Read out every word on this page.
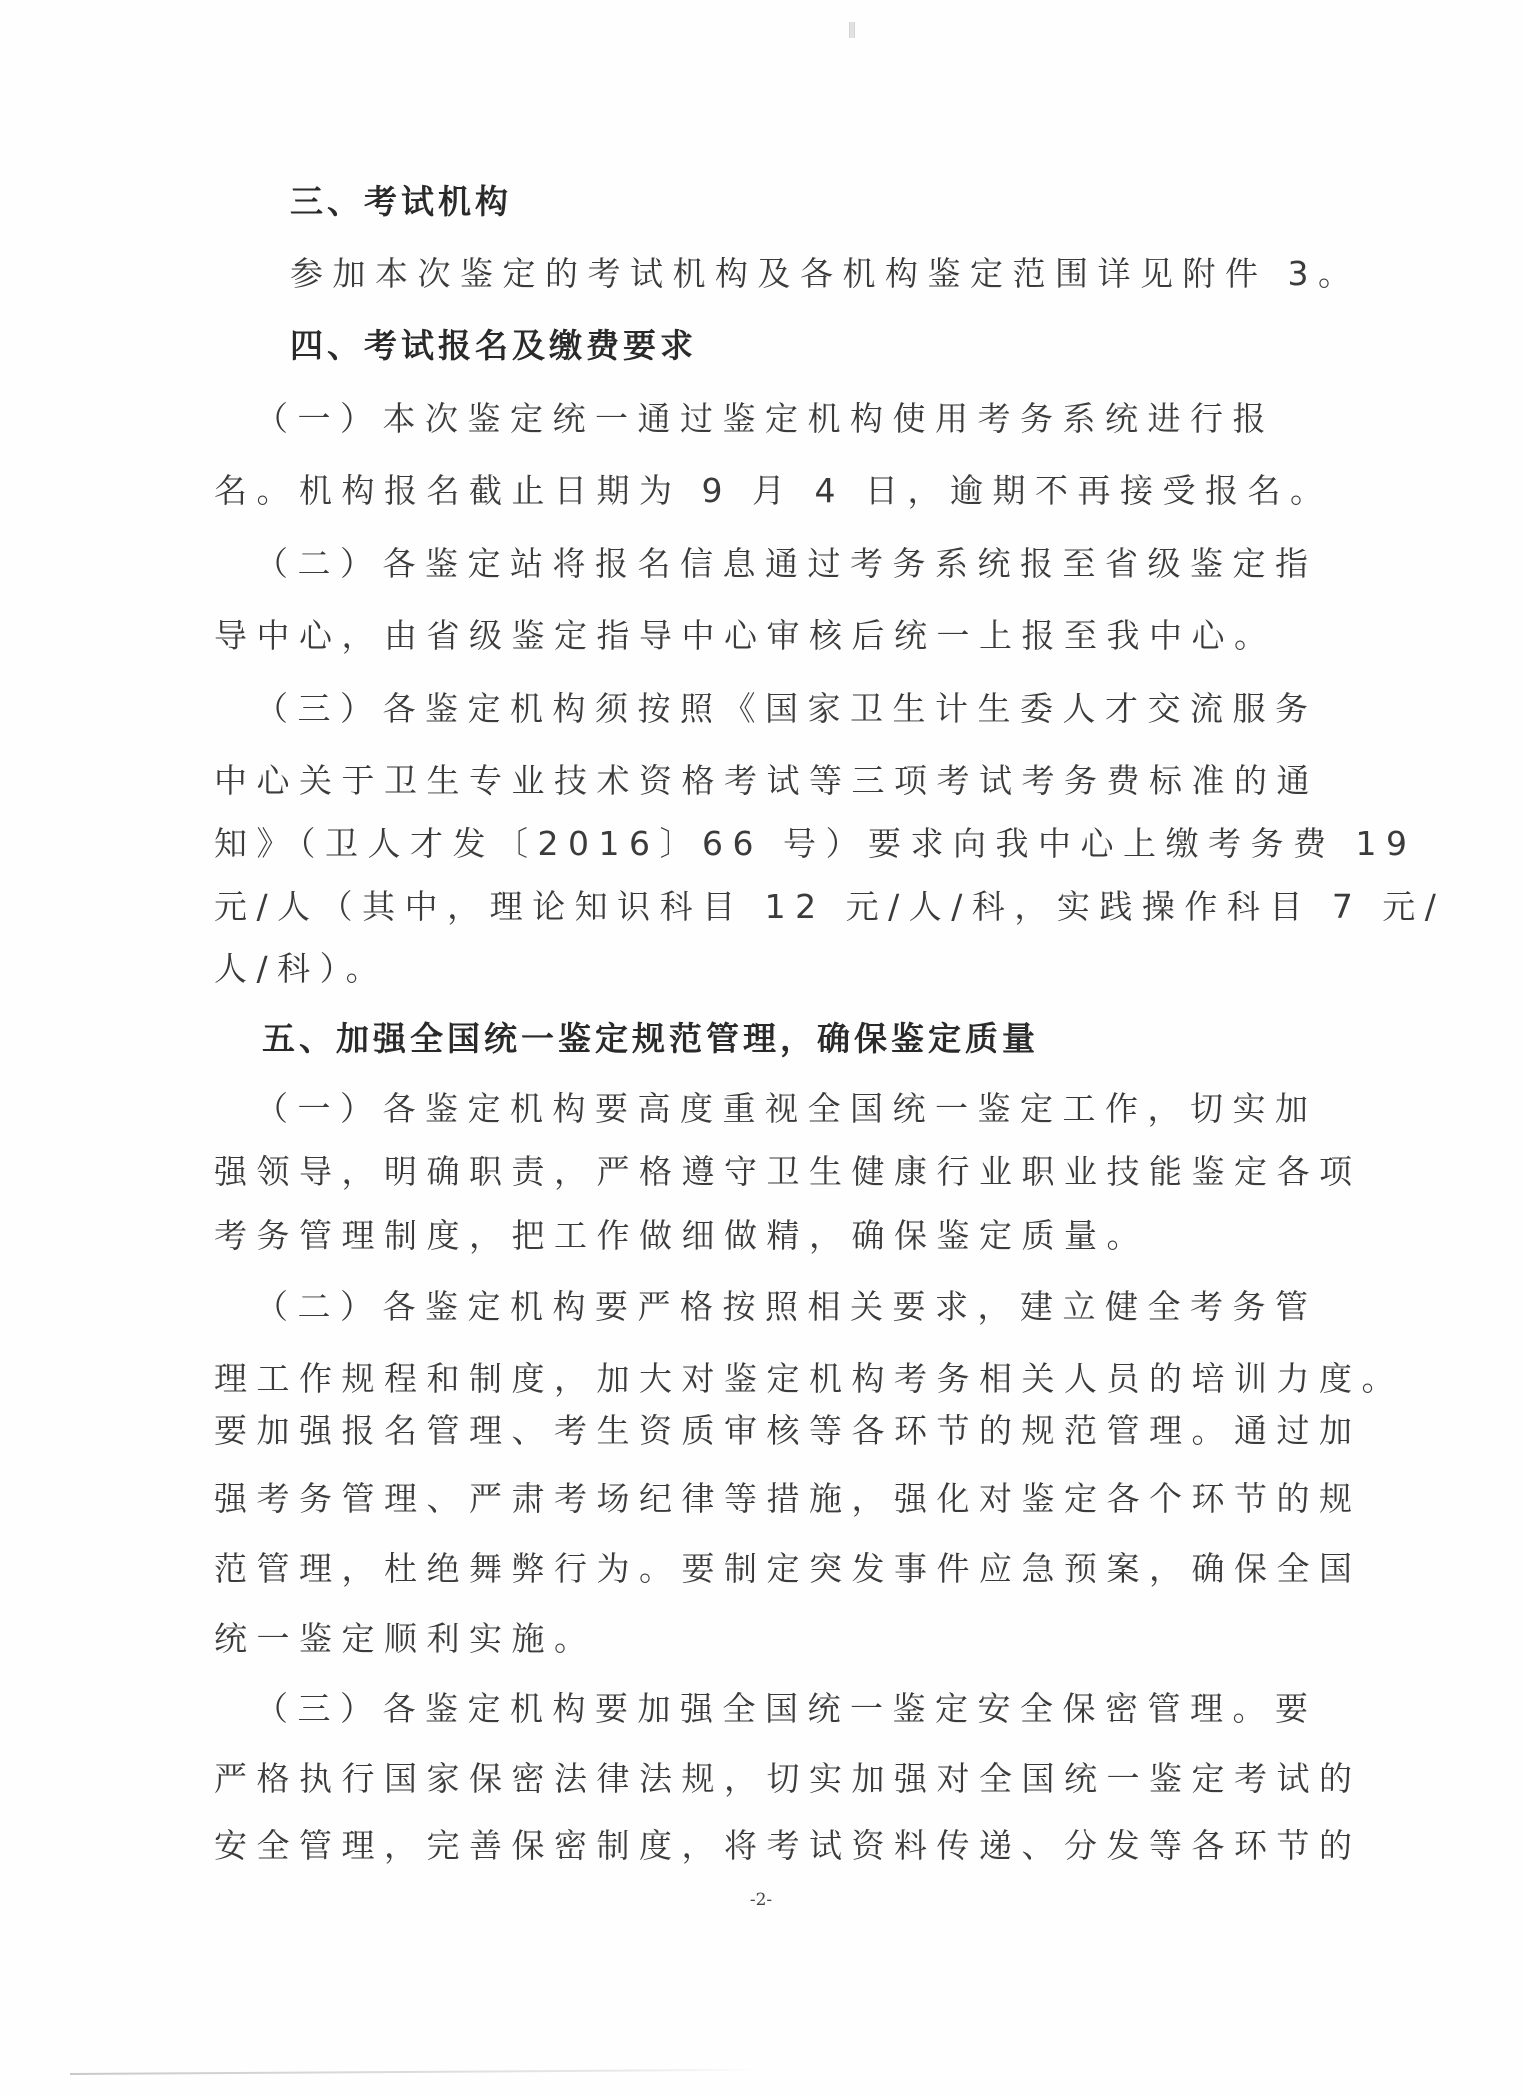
三、考试机构
参加本次鉴定的考试机构及各机构鉴定范围详见附件 3。
四、考试报名及缴费要求
（一）本次鉴定统一通过鉴定机构使用考务系统进行报
名。机构报名截止日期为 9 月 4 日，逾期不再接受报名。
（二）各鉴定站将报名信息通过考务系统报至省级鉴定指
导中心，由省级鉴定指导中心审核后统一上报至我中心。
（三）各鉴定机构须按照《国家卫生计生委人才交流服务
中心关于卫生专业技术资格考试等三项考试考务费标准的通
知》（卫人才发〔2016〕66 号）要求向我中心上缴考务费 19
元/人（其中，理论知识科目 12 元/人/科，实践操作科目 7 元/
人/科）。
五、加强全国统一鉴定规范管理，确保鉴定质量
（一）各鉴定机构要高度重视全国统一鉴定工作，切实加
强领导，明确职责，严格遵守卫生健康行业职业技能鉴定各项
考务管理制度，把工作做细做精，确保鉴定质量。
（二）各鉴定机构要严格按照相关要求，建立健全考务管
理工作规程和制度，加大对鉴定机构考务相关人员的培训力度。
要加强报名管理、考生资质审核等各环节的规范管理。通过加
强考务管理、严肃考场纪律等措施，强化对鉴定各个环节的规
范管理，杜绝舞弊行为。要制定突发事件应急预案，确保全国
统一鉴定顺利实施。
（三）各鉴定机构要加强全国统一鉴定安全保密管理。要
严格执行国家保密法律法规，切实加强对全国统一鉴定考试的
安全管理，完善保密制度，将考试资料传递、分发等各环节的
-2-
